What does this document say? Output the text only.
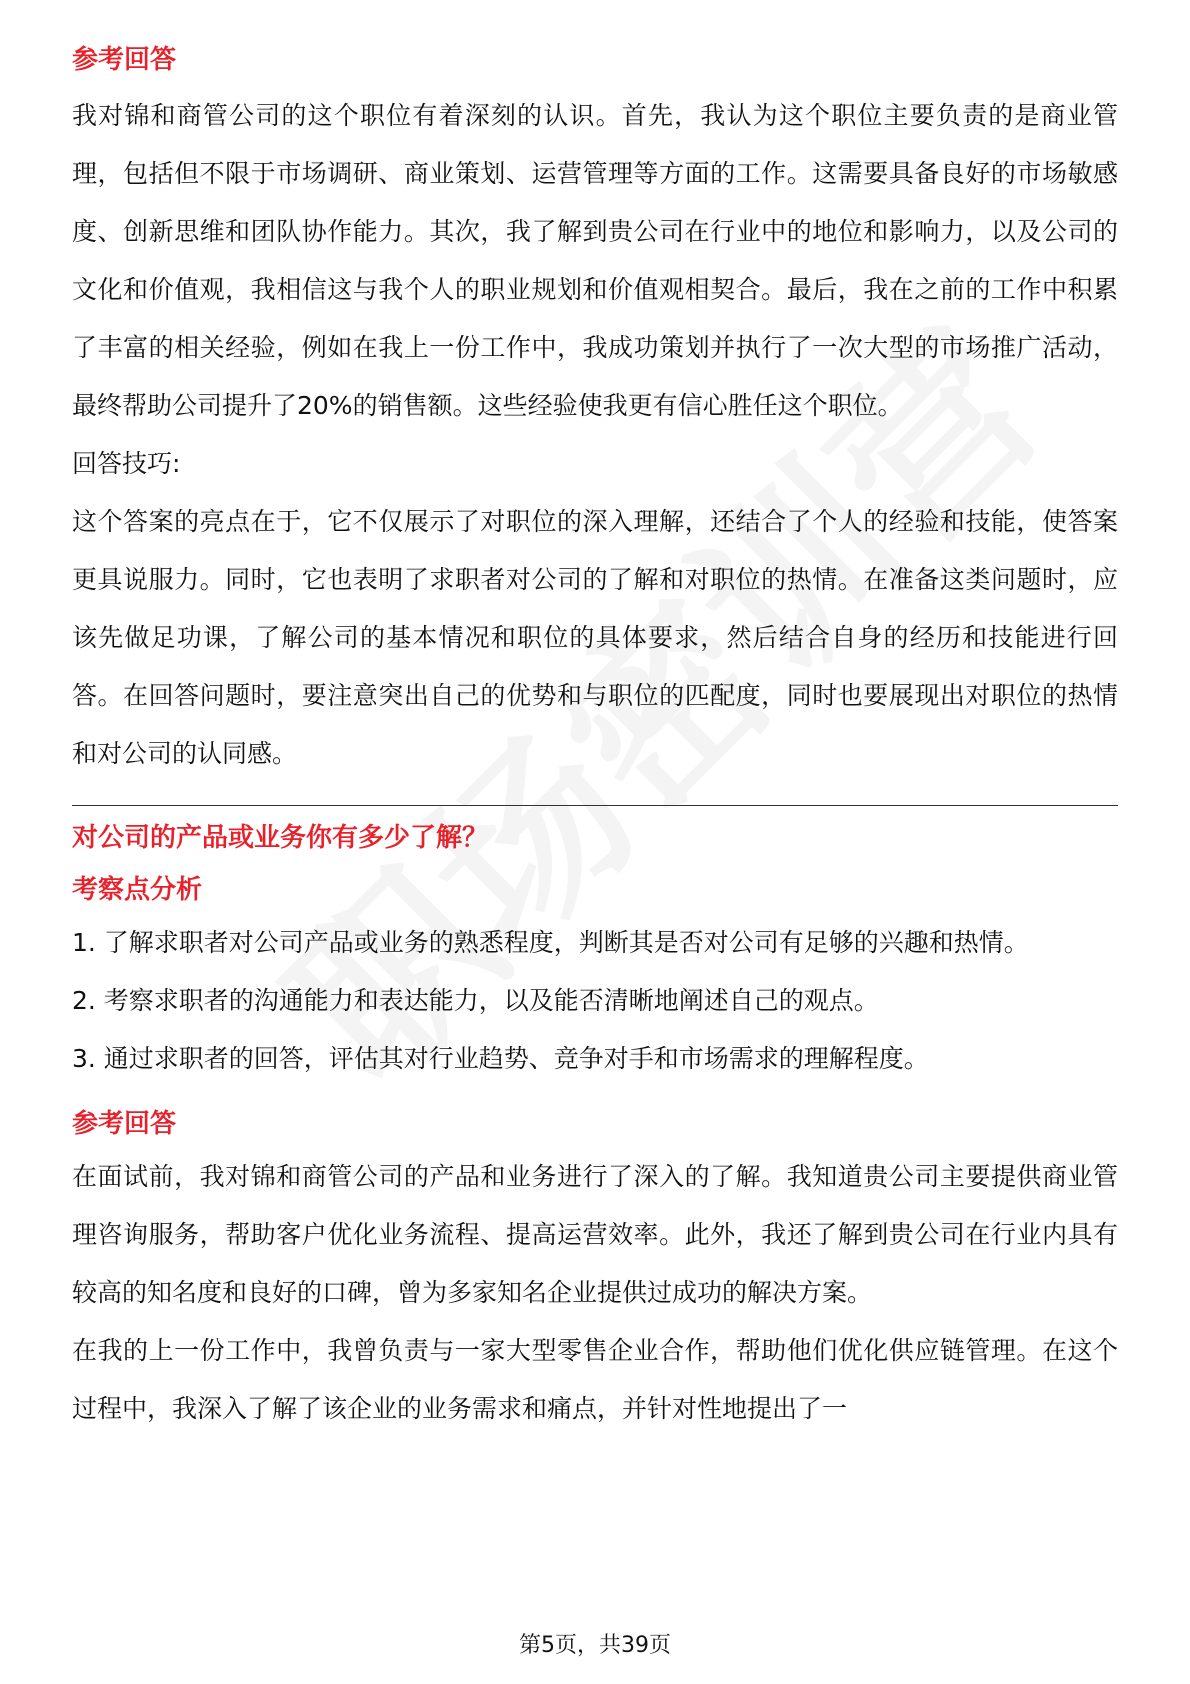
参考回答

我对锦和商管公司的这个职位有着深刻的认识。首先，我认为这个职位主要负责的是商业管理，包括但不限于市场调研、商业策划、运营管理等方面的工作。这需要具备良好的市场敏感度、创新思维和团队协作能力。其次，我了解到贵公司在行业中的地位和影响力，以及公司的文化和价值观，我相信这与我个人的职业规划和价值观相契合。最后，我在之前的工作中积累了丰富的相关经验，例如在我上一份工作中，我成功策划并执行了一次大型的市场推广活动，最终帮助公司提升了20%的销售额。这些经验使我更有信心胜任这个职位。

回答技巧:

这个答案的亮点在于，它不仅展示了对职位的深入理解，还结合了个人的经验和技能，使答案更具说服力。同时，它也表明了求职者对公司的了解和对职位的热情。在准备这类问题时，应该先做足功课，了解公司的基本情况和职位的具体要求，然后结合自身的经历和技能进行回答。在回答问题时，要注意突出自己的优势和与职位的匹配度，同时也要展现出对职位的热情和对公司的认同感。

对公司的产品或业务你有多少了解？

考察点分析

1. 了解求职者对公司产品或业务的熟悉程度，判断其是否对公司有足够的兴趣和热情。

2. 考察求职者的沟通能力和表达能力，以及能否清晰地阐述自己的观点。

3. 通过求职者的回答，评估其对行业趋势、竞争对手和市场需求的理解程度。

参考回答

在面试前，我对锦和商管公司的产品和业务进行了深入的了解。我知道贵公司主要提供商业管理咨询服务，帮助客户优化业务流程、提高运营效率。此外，我还了解到贵公司在行业内具有较高的知名度和良好的口碑，曾为多家知名企业提供过成功的解决方案。

在我的上一份工作中，我曾负责与一家大型零售企业合作，帮助他们优化供应链管理。在这个过程中，我深入了解了该企业的业务需求和痛点，并针对性地提出了一

第5页，共39页
